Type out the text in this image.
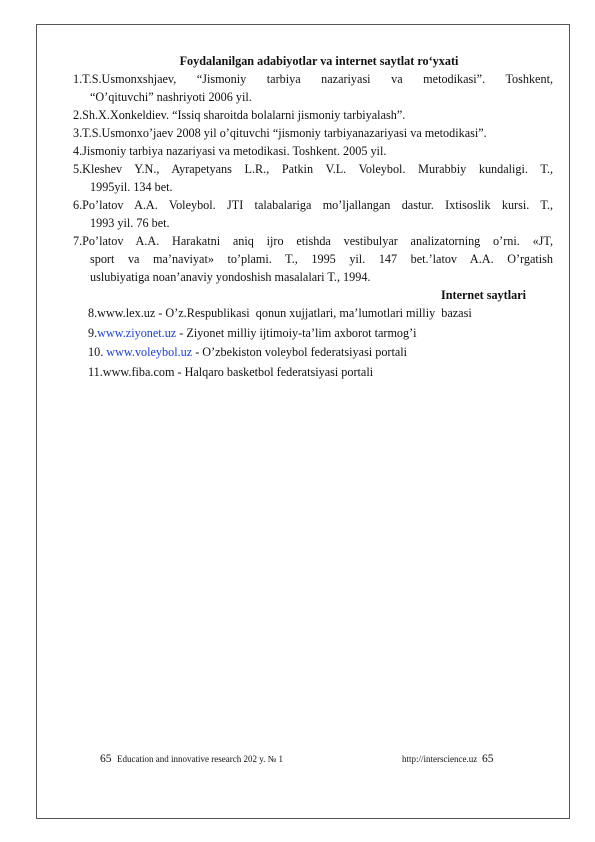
Foydalanilgan adabiyotlar va internet saytlat ro‘yxati
1. T.S.Usmonxshjaev, “Jismoniy tarbiya nazariyasi va metodikasi”. Toshkent,
“O’qituvchi” nashriyoti 2006 yil.
2. Sh.X.Xonkeldiev. “Issiq sharoitda bolalarni jismoniy tarbiyalash”.
3. T.S.Usmonxo’jaev 2008 yil o’qituvchi “jismoniy tarbiyanazariyasi va metodikasi”.
4. Jismoniy tarbiya nazariyasi va metodikasi. Toshkent. 2005 yil.
5. Kleshev Y.N., Ayrapetyans L.R., Patkin V.L. Voleybol. Murabbiy kundaligi. T.,
1995yil. 134 bet.
6. Po’latov A.A. Voleybol. JTI talabalariga mo’ljallangan dastur. Ixtisoslik kursi. T.,
1993 yil. 76 bet.
7. Po’latov A.A. Harakatni aniq ijro etishda vestibulyar analizatorning o’rni. «JT,
sport va ma’naviyat» to’plami. T., 1995 yil. 147 bet.’latov A.A. O’rgatish
uslubiyatiga noan’anaviy yondoshish masalalari T., 1994.
Internet saytlari
8.www.lex.uz - O’z.Respublikasi  qonun xujjatlari, ma’lumotlari milliy  bazasi
9.www.ziyonet.uz - Ziyonet milliy ijtimoiy-ta’lim axborot tarmog’i
10. www.voleybol.uz - O’zbekiston voleybol federatsiyasi portali
11.www.fiba.com - Halqaro basketbol federatsiyasi portali
65 Education and innovative research 202 y. № 1	http://interscience.uz 65
